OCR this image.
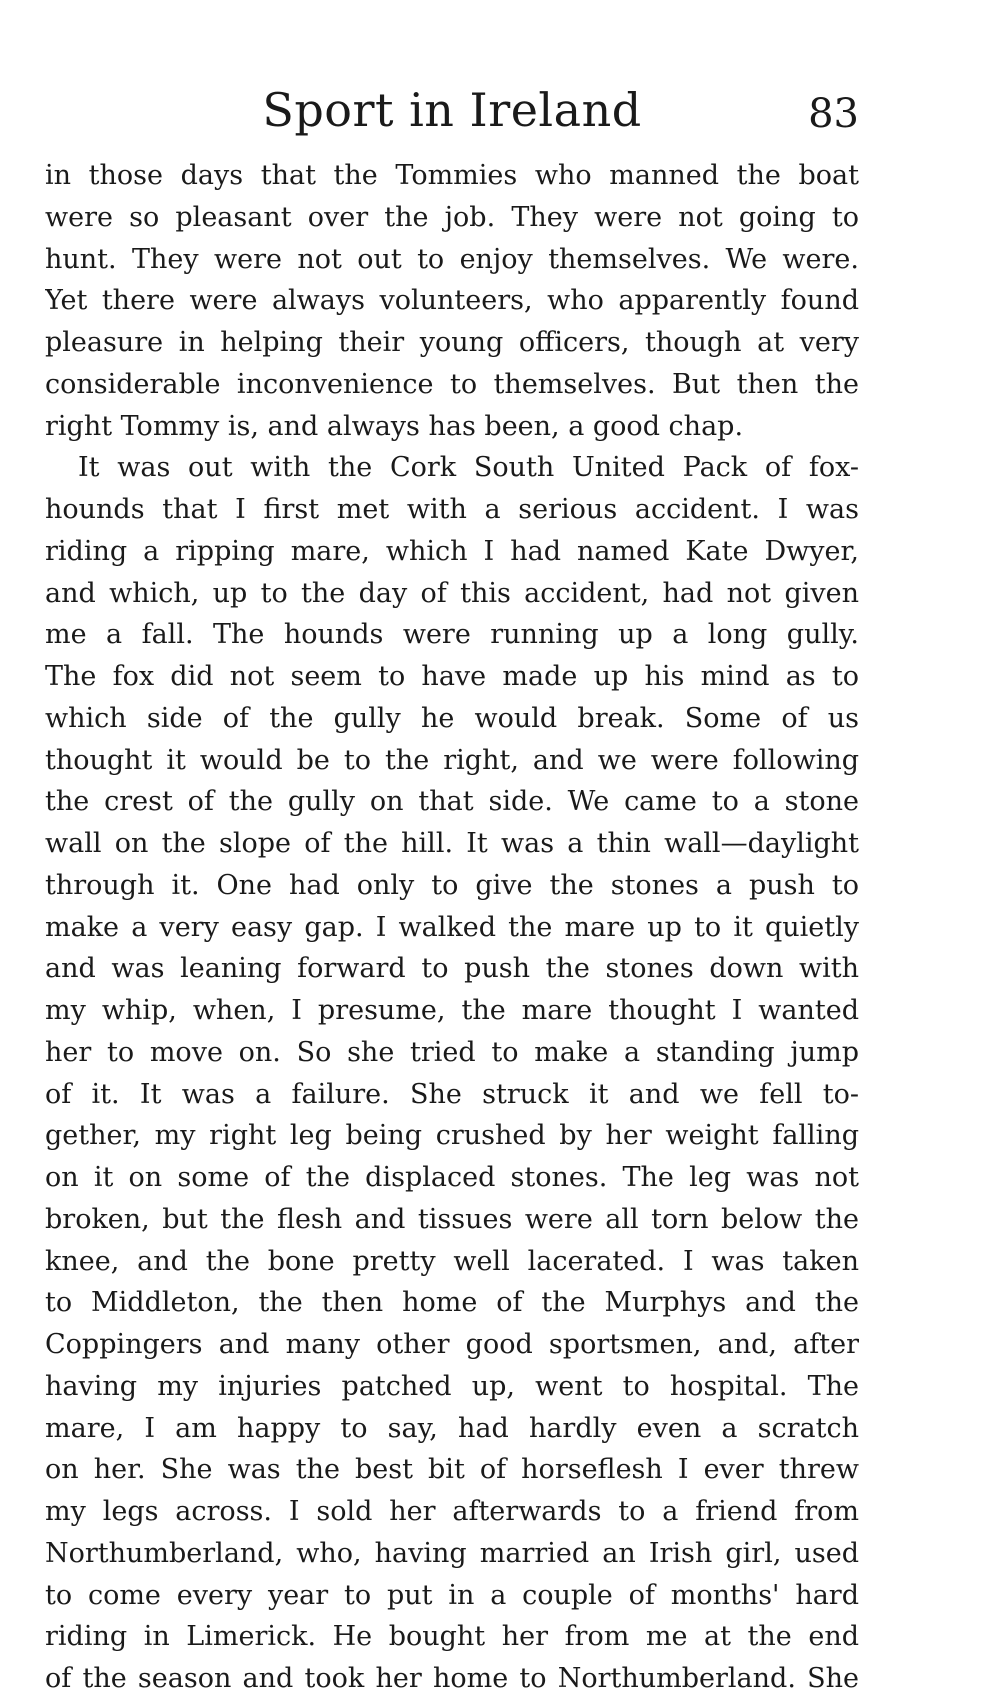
Sport in Ireland	83
in those days that the Tommies who manned the boat
were so pleasant over the job. They were not going to
hunt. They were not out to enjoy themselves. We were.
Yet there were always volunteers, who apparently found
pleasure in helping their young officers, though at very
considerable inconvenience to themselves. But then the
right Tommy is, and always has been, a good chap.
It was out with the Cork South United Pack of fox-
hounds that I first met with a serious accident. I was
riding a ripping mare, which I had named Kate Dwyer,
and which, up to the day of this accident, had not given
me a fall. The hounds were running up a long gully.
The fox did not seem to have made up his mind as to
which side of the gully he would break. Some of us
thought it would be to the right, and we were following
the crest of the gully on that side. We came to a stone
wall on the slope of the hill. It was a thin wall—daylight
through it. One had only to give the stones a push to
make a very easy gap. I walked the mare up to it quietly
and was leaning forward to push the stones down with
my whip, when, I presume, the mare thought I wanted
her to move on. So she tried to make a standing jump
of it. It was a failure. She struck it and we fell to-
gether, my right leg being crushed by her weight falling
on it on some of the displaced stones. The leg was not
broken, but the flesh and tissues were all torn below the
knee, and the bone pretty well lacerated. I was taken
to Middleton, the then home of the Murphys and the
Coppingers and many other good sportsmen, and, after
having my injuries patched up, went to hospital. The
mare, I am happy to say, had hardly even a scratch
on her. She was the best bit of horseflesh I ever threw
my legs across. I sold her afterwards to a friend from
Northumberland, who, having married an Irish girl, used
to come every year to put in a couple of months' hard
riding in Limerick. He bought her from me at the end
of the season and took her home to Northumberland. She
